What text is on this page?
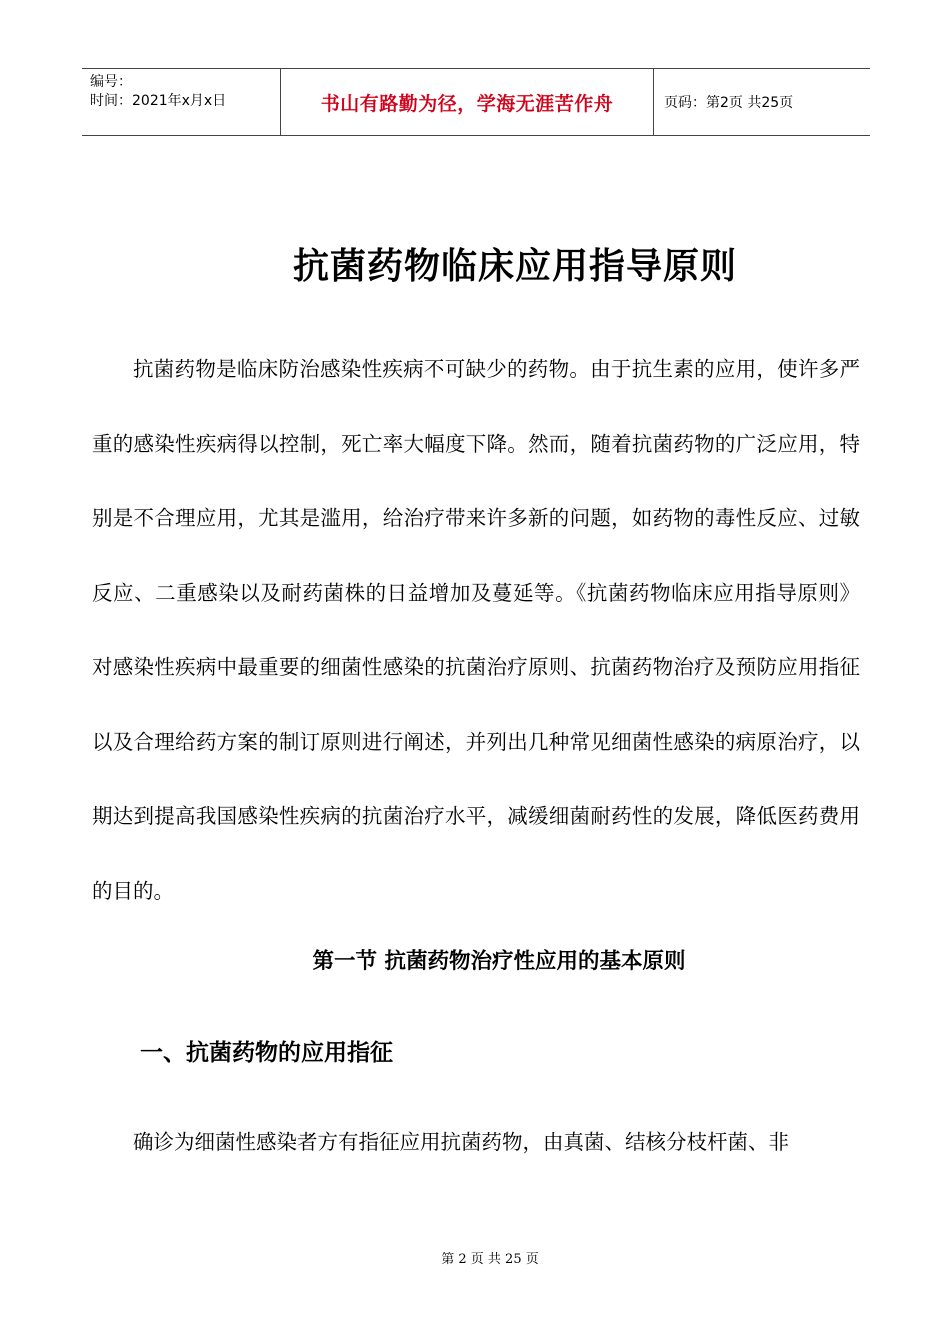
编号：
时间：2021年x月x日	书山有路勤为径，学海无涯苦作舟	页码：第2页 共25页
抗菌药物临床应用指导原则

抗菌药物是临床防治感染性疾病不可缺少的药物。由于抗生素的应用，使许多严重的感染性疾病得以控制，死亡率大幅度下降。然而，随着抗菌药物的广泛应用，特别是不合理应用，尤其是滥用，给治疗带来许多新的问题，如药物的毒性反应、过敏反应、二重感染以及耐药菌株的日益增加及蔓延等。《抗菌药物临床应用指导原则》对感染性疾病中最重要的细菌性感染的抗菌治疗原则、抗菌药物治疗及预防应用指征以及合理给药方案的制订原则进行阐述，并列出几种常见细菌性感染的病原治疗，以期达到提高我国感染性疾病的抗菌治疗水平，减缓细菌耐药性的发展，降低医药费用的目的。

第一节 抗菌药物治疗性应用的基本原则
一、抗菌药物的应用指征

确诊为细菌性感染者方有指征应用抗菌药物，由真菌、结核分枝杆菌、非

第 2 页 共 25 页
